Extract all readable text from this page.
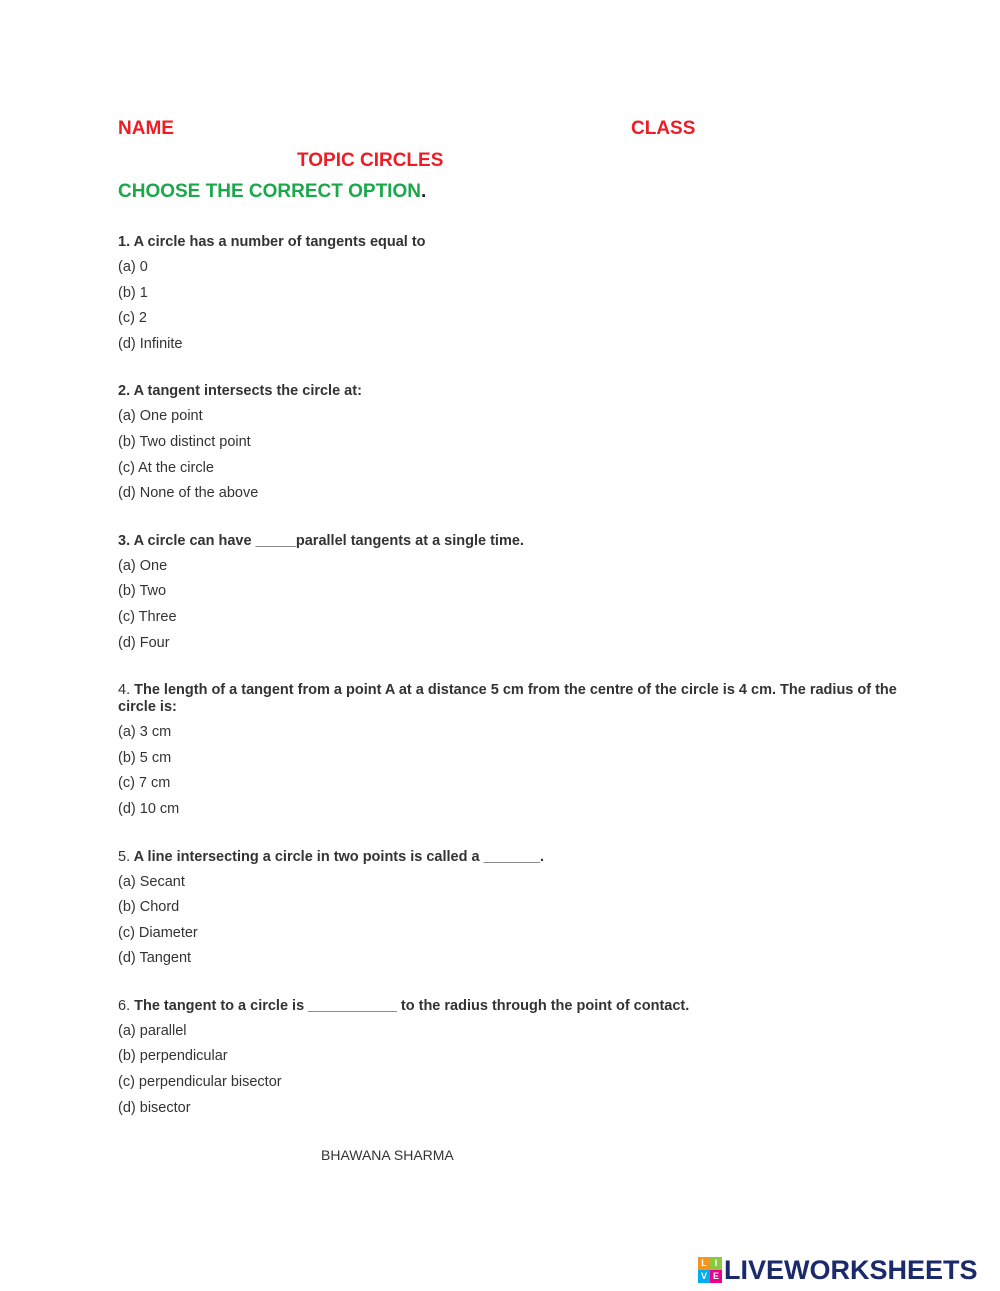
NAME	CLASS
TOPIC CIRCLES
CHOOSE THE CORRECT OPTION.
1. A circle has a number of tangents equal to
(a) 0
(b) 1
(c) 2
(d) Infinite
2. A tangent intersects the circle at:
(a) One point
(b) Two distinct point
(c) At the circle
(d) None of the above
3. A circle can have _____parallel tangents at a single time.
(a) One
(b) Two
(c) Three
(d) Four
4. The length of a tangent from a point A at a distance 5 cm from the centre of the circle is 4 cm. The radius of the circle is:
(a) 3 cm
(b) 5 cm
(c) 7 cm
(d) 10 cm
5. A line intersecting a circle in two points is called a _______.
(a) Secant
(b) Chord
(c) Diameter
(d) Tangent
6. The tangent to a circle is ___________ to the radius through the point of contact.
(a) parallel
(b) perpendicular
(c) perpendicular bisector
(d) bisector
BHAWANA SHARMA
L I
V E LIVEWORKSHEETS
